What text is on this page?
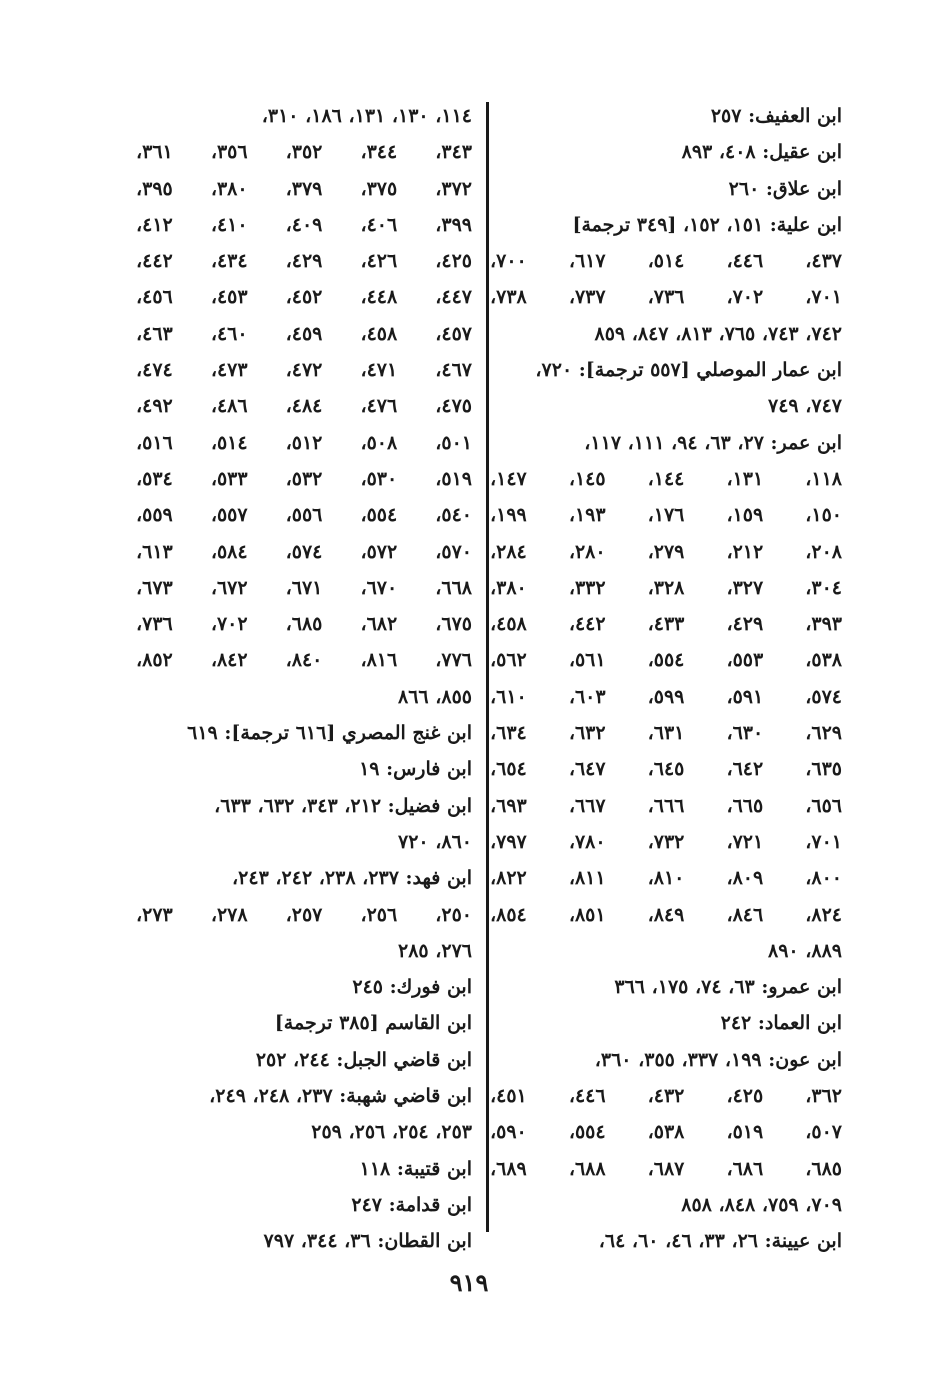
ابن العفيف: ٢٥٧
ابن عقيل: ٤٠٨، ٨٩٣
ابن علاق: ٢٦٠
ابن علية: ١٥١، ١٥٢، [٣٤٩ ترجمة]
٤٣٧، ٤٤٦، ٥١٤، ٦١٧، ٧٠٠،
٧٠١، ٧٠٢، ٧٣٦، ٧٣٧، ٧٣٨،
٧٤٢، ٧٤٣، ٧٦٥، ٨١٣، ٨٤٧، ٨٥٩
ابن عمار الموصلي [٥٥٧ ترجمة]: ٧٢٠،
٧٤٧، ٧٤٩
ابن عمر: ٢٧، ٦٣، ٩٤، ١١١، ١١٧،
١١٨، ١٣١، ١٤٤، ١٤٥، ١٤٧،
١٥٠، ١٥٩، ١٧٦، ١٩٣، ١٩٩،
٢٠٨، ٢١٢، ٢٧٩، ٢٨٠، ٢٨٤،
٣٠٤، ٣٢٧، ٣٢٨، ٣٣٢، ٣٨٠،
٣٩٣، ٤٢٩، ٤٣٣، ٤٤٢، ٤٥٨،
٥٣٨، ٥٥٣، ٥٥٤، ٥٦١، ٥٦٢،
٥٧٤، ٥٩١، ٥٩٩، ٦٠٣، ٦١٠،
٦٢٩، ٦٣٠، ٦٣١، ٦٣٢، ٦٣٤،
٦٣٥، ٦٤٢، ٦٤٥، ٦٤٧، ٦٥٤،
٦٥٦، ٦٦٥، ٦٦٦، ٦٦٧، ٦٩٣،
٧٠١، ٧٢١، ٧٣٢، ٧٨٠، ٧٩٧،
٨٠٠، ٨٠٩، ٨١٠، ٨١١، ٨٢٢،
٨٢٤، ٨٤٦، ٨٤٩، ٨٥١، ٨٥٤،
٨٨٩، ٨٩٠
ابن عمرو: ٦٣، ٧٤، ١٧٥، ٣٦٦
ابن العماد: ٢٤٢
ابن عون: ١٩٩، ٣٣٧، ٣٥٥، ٣٦٠،
٣٦٢، ٤٢٥، ٤٣٢، ٤٤٦، ٤٥١،
٥٠٧، ٥١٩، ٥٣٨، ٥٥٤، ٥٩٠،
٦٨٥، ٦٨٦، ٦٨٧، ٦٨٨، ٦٨٩،
٧٠٩، ٧٥٩، ٨٤٨، ٨٥٨
ابن عيينة: ٢٦، ٣٣، ٤٦، ٦٠، ٦٤،
١١٤، ١٣٠، ١٣١، ١٨٦، ٣١٠،
٣٤٣، ٣٤٤، ٣٥٢، ٣٥٦، ٣٦١،
٣٧٢، ٣٧٥، ٣٧٩، ٣٨٠، ٣٩٥،
٣٩٩، ٤٠٦، ٤٠٩، ٤١٠، ٤١٢،
٤٢٥، ٤٢٦، ٤٢٩، ٤٣٤، ٤٤٢،
٤٤٧، ٤٤٨، ٤٥٢، ٤٥٣، ٤٥٦،
٤٥٧، ٤٥٨، ٤٥٩، ٤٦٠، ٤٦٣،
٤٦٧، ٤٧١، ٤٧٢، ٤٧٣، ٤٧٤،
٤٧٥، ٤٧٦، ٤٨٤، ٤٨٦، ٤٩٢،
٥٠١، ٥٠٨، ٥١٢، ٥١٤، ٥١٦،
٥١٩، ٥٣٠، ٥٣٢، ٥٣٣، ٥٣٤،
٥٤٠، ٥٥٤، ٥٥٦، ٥٥٧، ٥٥٩،
٥٧٠، ٥٧٢، ٥٧٤، ٥٨٤، ٦١٣،
٦٦٨، ٦٧٠، ٦٧١، ٦٧٢، ٦٧٣،
٦٧٥، ٦٨٢، ٦٨٥، ٧٠٢، ٧٣٦،
٧٧٦، ٨١٦، ٨٤٠، ٨٤٢، ٨٥٢،
٨٥٥، ٨٦٦
ابن غنج المصري [٦١٦ ترجمة]: ٦١٩
ابن فارس: ١٩
ابن فضيل: ٢١٢، ٣٤٣، ٦٣٢، ٦٣٣،
٨٦٠، ٧٢٠
ابن فهد: ٢٣٧، ٢٣٨، ٢٤٢، ٢٤٣،
٢٥٠، ٢٥٦، ٢٥٧، ٢٧٨، ٢٧٣،
٢٧٦، ٢٨٥
ابن فورك: ٢٤٥
ابن القاسم [٣٨٥ ترجمة]
ابن قاضي الجبل: ٢٤٤، ٢٥٢
ابن قاضي شهبة: ٢٣٧، ٢٤٨، ٢٤٩،
٢٥٣، ٢٥٤، ٢٥٦، ٢٥٩
ابن قتيبة: ١١٨
ابن قدامة: ٢٤٧
ابن القطان: ٣٦، ٣٤٤، ٧٩٧
٩١٩
